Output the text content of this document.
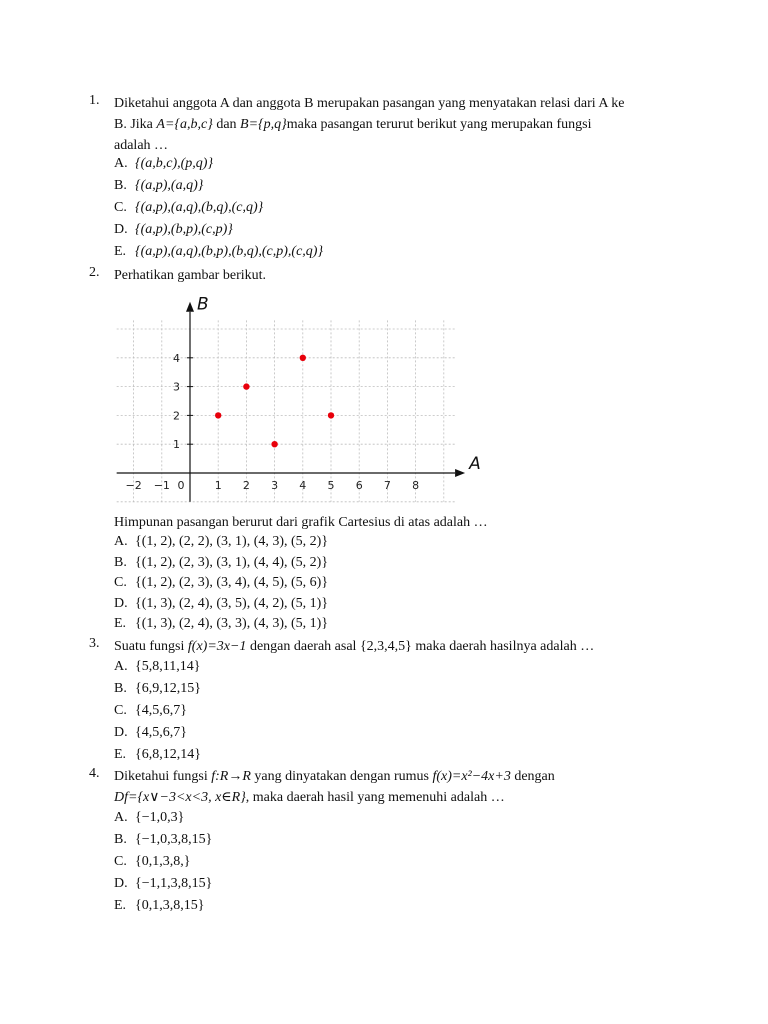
1.	Diketahui anggota A dan anggota B merupakan pasangan yang menyatakan relasi dari A ke
B. Jika A={a,b,c} dan B={p,q}maka pasangan terurut berikut yang merupakan fungsi
adalah …
A. {(a,b,c),(p,q)}
B. {(a,p),(a,q)}
C. {(a,p),(a,q),(b,q),(c,q)}
D. {(a,p),(b,p),(c,p)}
E. {(a,p),(a,q),(b,p),(b,q),(c,p),(c,q)}
2.	Perhatikan gambar berikut.
−2 −1 0	1 2 3 4 5 6 7 8
1
2
3
4
A
B
Himpunan pasangan berurut dari grafik Cartesius di atas adalah …
A. {(1, 2), (2, 2), (3, 1), (4, 3), (5, 2)}
B. {(1, 2), (2, 3), (3, 1), (4, 4), (5, 2)}
C. {(1, 2), (2, 3), (3, 4), (4, 5), (5, 6)}
D. {(1, 3), (2, 4), (3, 5), (4, 2), (5, 1)}
E. {(1, 3), (2, 4), (3, 3), (4, 3), (5, 1)}
3.	Suatu fungsi f(x)=3x−1 dengan daerah asal {2,3,4,5} maka daerah hasilnya adalah …
A. {5,8,11,14}
B. {6,9,12,15}
C. {4,5,6,7}
D. {4,5,6,7}
E. {6,8,12,14}
4.	Diketahui fungsi f:R→R yang dinyatakan dengan rumus f(x)=x²−4x+3 dengan
Df={x∨−3<x<3, x∈R}, maka daerah hasil yang memenuhi adalah …
A. {−1,0,3}
B. {−1,0,3,8,15}
C. {0,1,3,8,}
D. {−1,1,3,8,15}
E. {0,1,3,8,15}
